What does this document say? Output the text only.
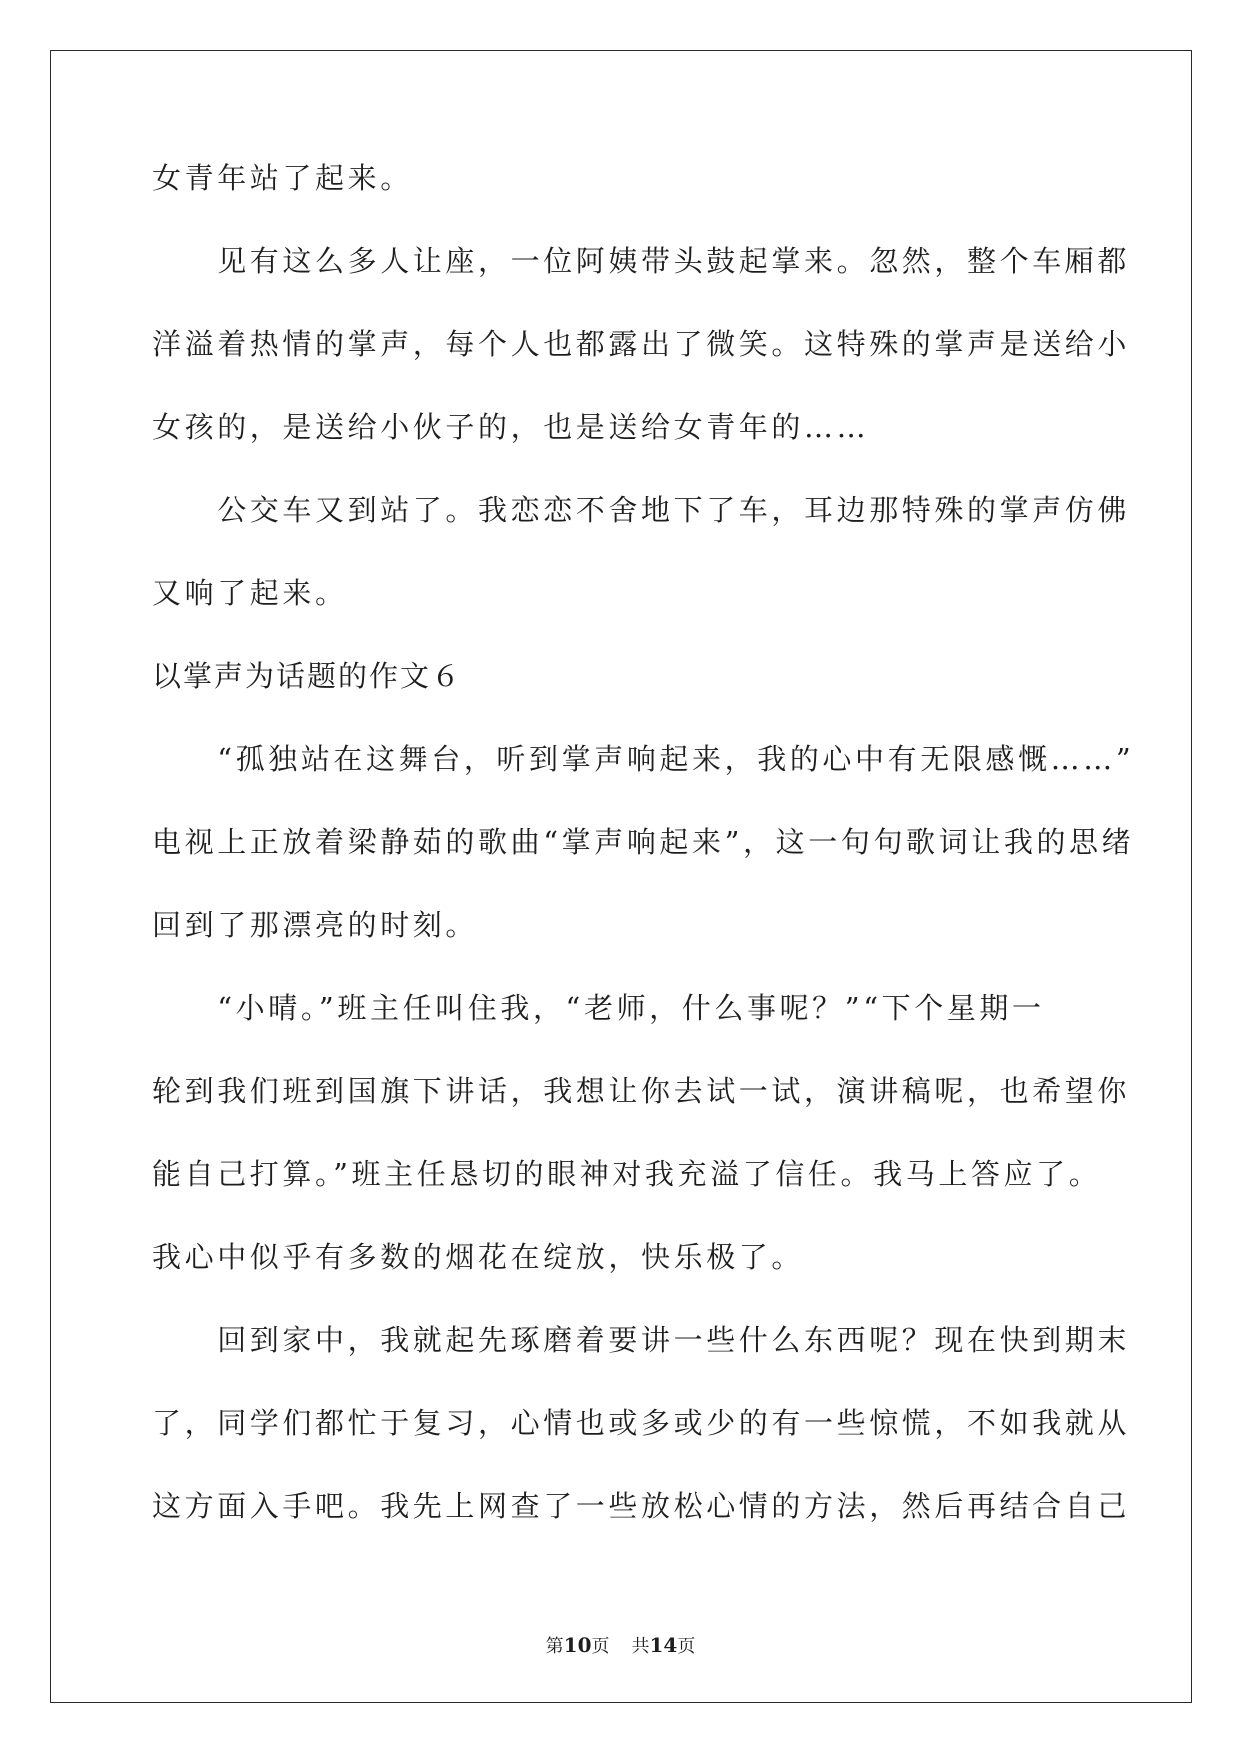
女青年站了起来。
　　见有这么多人让座，一位阿姨带头鼓起掌来。忽然，整个车厢都
洋溢着热情的掌声，每个人也都露出了微笑。这特殊的掌声是送给小
女孩的，是送给小伙子的，也是送给女青年的……
　　公交车又到站了。我恋恋不舍地下了车，耳边那特殊的掌声仿佛
又响了起来。
以掌声为话题的作文６
　　“孤独站在这舞台，听到掌声响起来，我的心中有无限感慨……”
电视上正放着梁静茹的歌曲“掌声响起来”，这一句句歌词让我的思绪
回到了那漂亮的时刻。
　　“小晴。”班主任叫住我，“老师，什么事呢？”“下个星期一
轮到我们班到国旗下讲话，我想让你去试一试，演讲稿呢，也希望你
能自己打算。”班主任恳切的眼神对我充溢了信任。我马上答应了。
我心中似乎有多数的烟花在绽放，快乐极了。
　　回到家中，我就起先琢磨着要讲一些什么东西呢？现在快到期末
了，同学们都忙于复习，心情也或多或少的有一些惊慌，不如我就从
这方面入手吧。我先上网查了一些放松心情的方法，然后再结合自己
第10页 共14页
